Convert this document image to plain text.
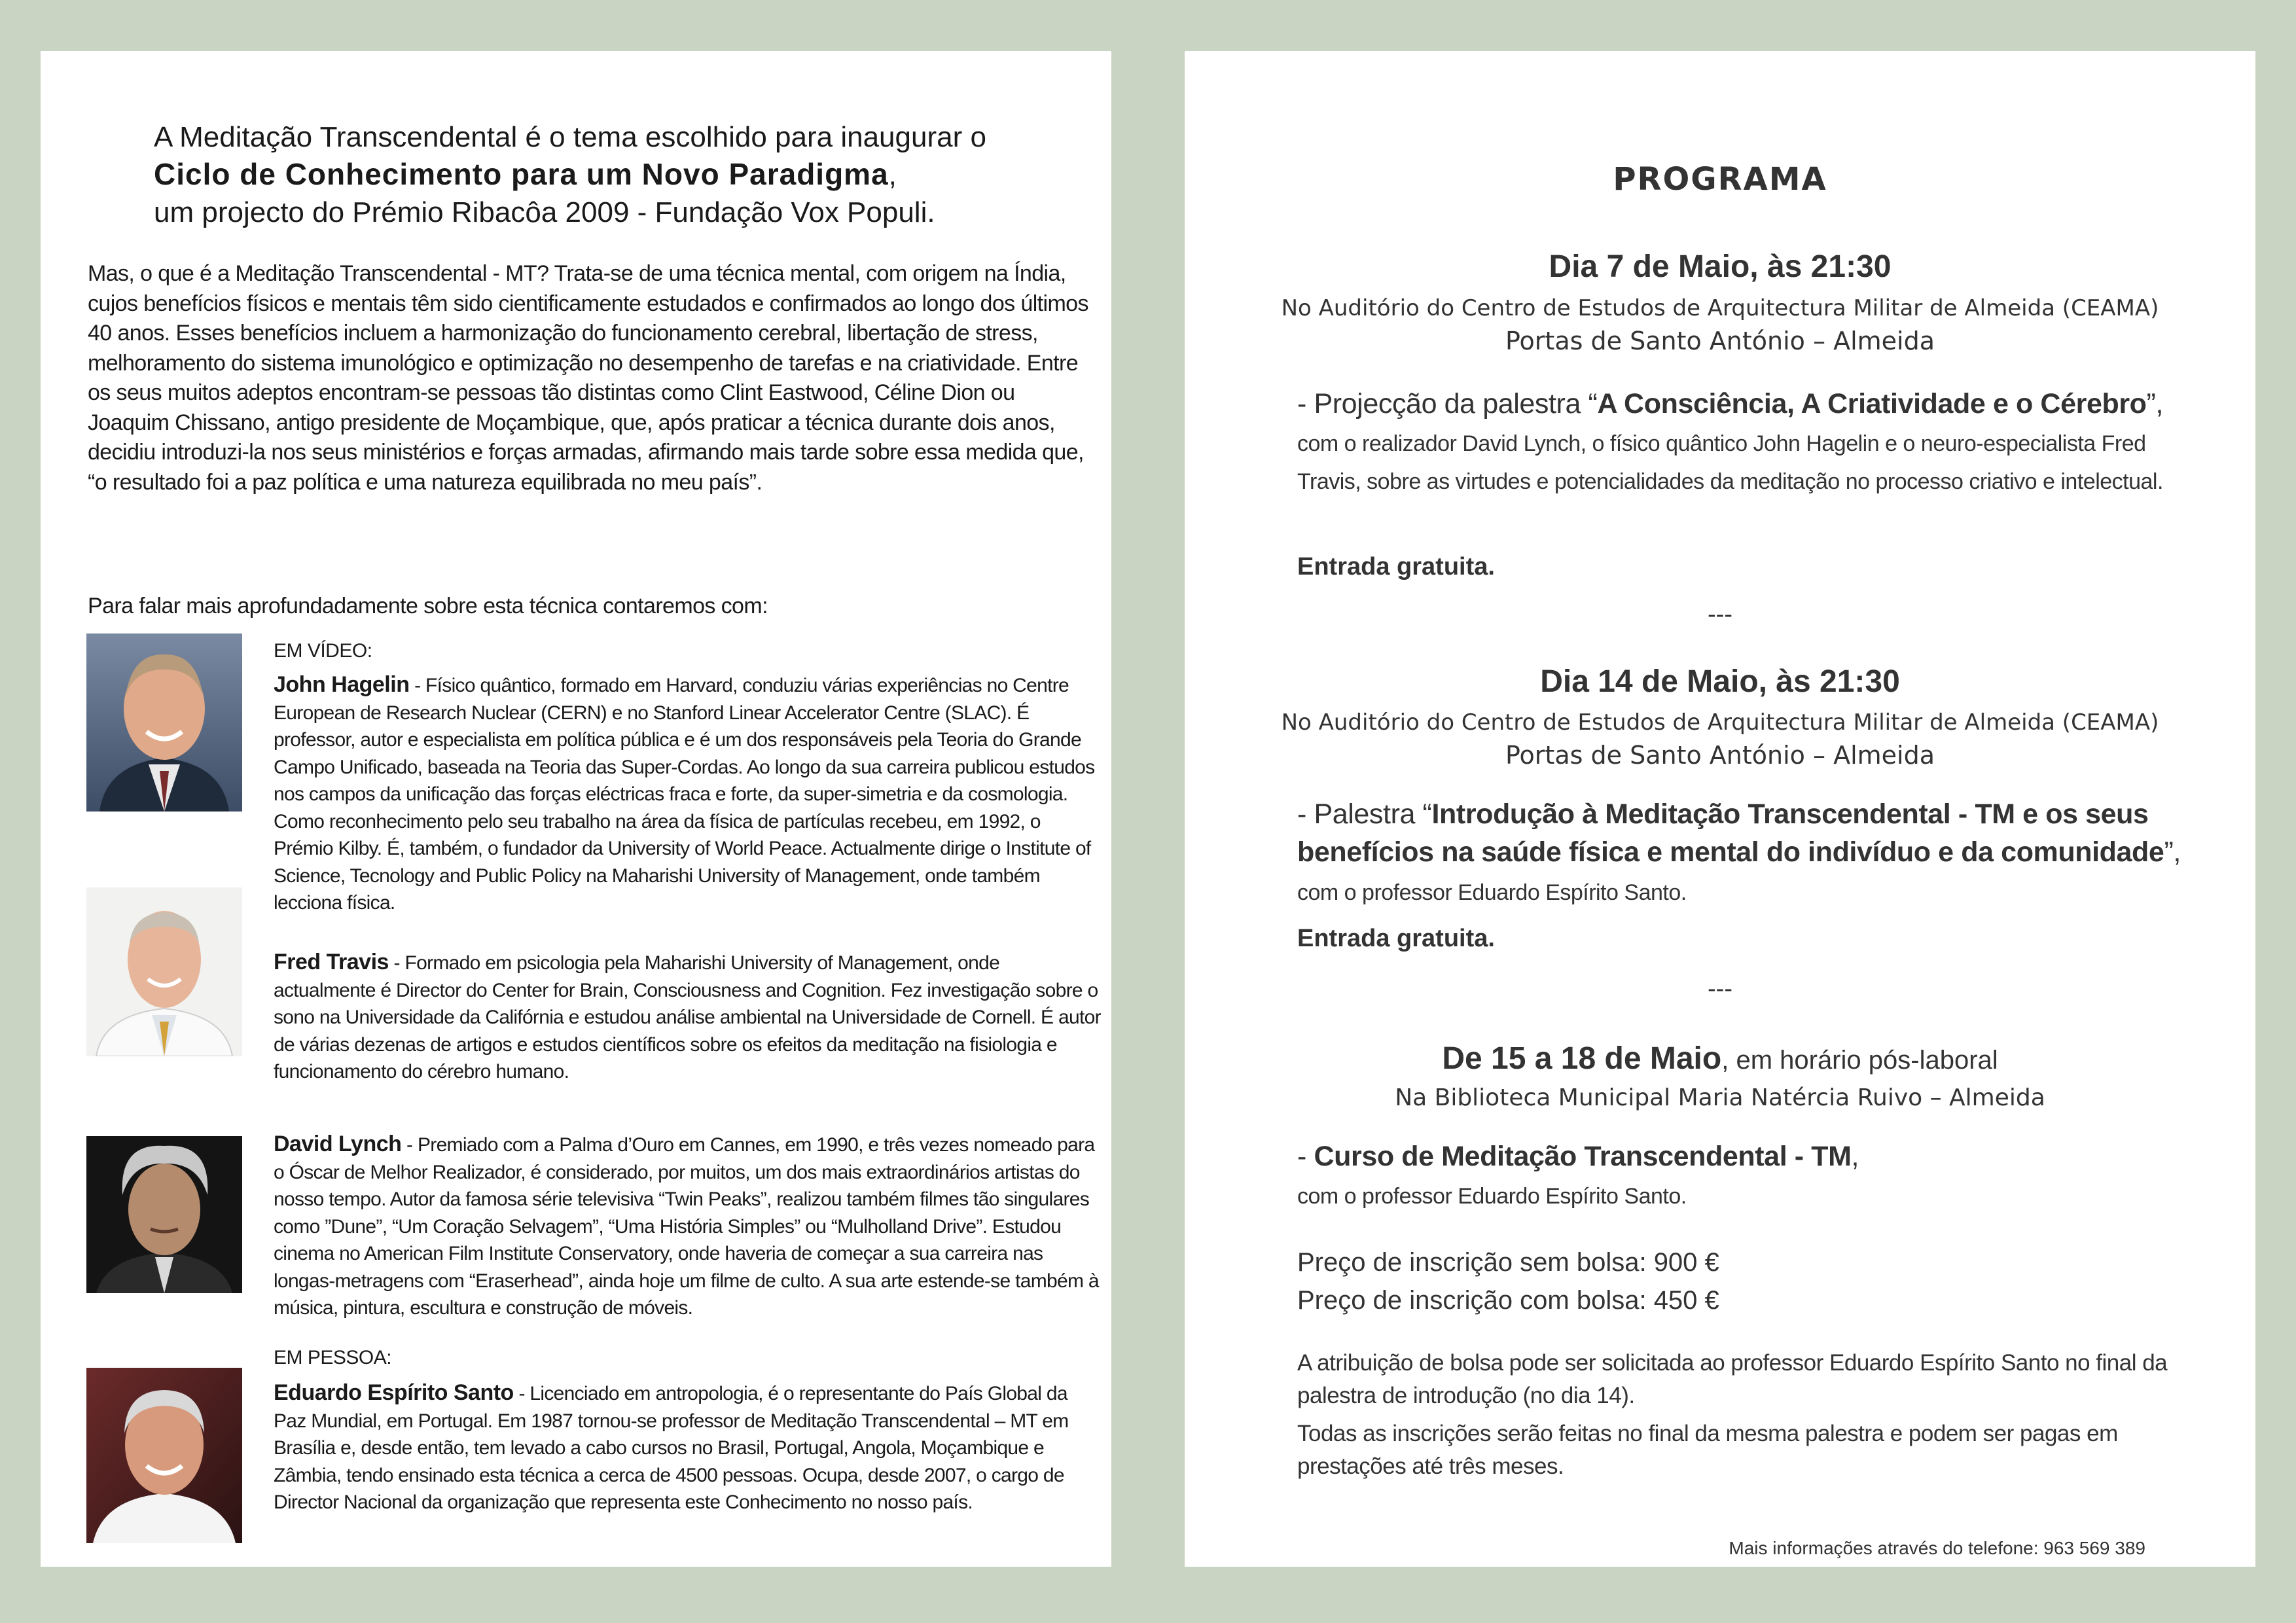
A Meditação Transcendental é o tema escolhido para inaugurar o
Ciclo de Conhecimento para um Novo Paradigma,
um projecto do Prémio Ribacôa 2009 - Fundação Vox Populi.
Mas, o que é a Meditação Transcendental - MT? Trata-se de uma técnica mental, com origem na Índia, cujos benefícios físicos e mentais têm sido cientificamente estudados e confirmados ao longo dos últimos 40 anos. Esses benefícios incluem a harmonização do funcionamento cerebral, libertação de stress, melhoramento do sistema imunológico e optimização no desempenho de tarefas e na criatividade. Entre os seus muitos adeptos encontram-se pessoas tão distintas como Clint Eastwood, Céline Dion ou Joaquim Chissano, antigo presidente de Moçambique, que, após praticar a técnica durante dois anos, decidiu introduzi-la nos seus ministérios e forças armadas, afirmando mais tarde sobre essa medida que, “o resultado foi a paz política e uma natureza equilibrada no meu país”.
Para falar mais aprofundadamente sobre esta técnica contaremos com:
EM VÍDEO:
John Hagelin - Físico quântico, formado em Harvard, conduziu várias experiências no Centre European de Research Nuclear (CERN) e no Stanford Linear Accelerator Centre (SLAC). É professor, autor e especialista em política pública e é um dos responsáveis pela Teoria do Grande Campo Unificado, baseada na Teoria das Super-Cordas. Ao longo da sua carreira publicou estudos nos campos da unificação das forças eléctricas fraca e forte, da super-simetria e da cosmologia. Como reconhecimento pelo seu trabalho na área da física de partículas recebeu, em 1992, o Prémio Kilby. É, também, o fundador da University of World Peace. Actualmente dirige o Institute of Science, Tecnology and Public Policy na Maharishi University of Management, onde também lecciona física.
Fred Travis - Formado em psicologia pela Maharishi University of Management, onde actualmente é Director do Center for Brain, Consciousness and Cognition. Fez investigação sobre o sono na Universidade da Califórnia e estudou análise ambiental na Universidade de Cornell. É autor de várias dezenas de artigos e estudos científicos sobre os efeitos da meditação na fisiologia e funcionamento do cérebro humano.
David Lynch - Premiado com a Palma d’Ouro em Cannes, em 1990, e três vezes nomeado para o Óscar de Melhor Realizador, é considerado, por muitos, um dos mais extraordinários artistas do nosso tempo. Autor da famosa série televisiva “Twin Peaks”, realizou também filmes tão singulares como ”Dune”, “Um Coração Selvagem”, “Uma História Simples” ou “Mulholland Drive”. Estudou cinema no American Film Institute Conservatory, onde haveria de começar a sua carreira nas longas-metragens com “Eraserhead”, ainda hoje um filme de culto. A sua arte estende-se também à música, pintura, escultura e construção de móveis.
EM PESSOA:
Eduardo Espírito Santo - Licenciado em antropologia, é o representante do País Global da Paz Mundial, em Portugal. Em 1987 tornou-se professor de Meditação Transcendental – MT em Brasília e, desde então, tem levado a cabo cursos no Brasil, Portugal, Angola, Moçambique e Zâmbia, tendo ensinado esta técnica a cerca de 4500 pessoas. Ocupa, desde 2007, o cargo de Director Nacional da organização que representa este Conhecimento no nosso país.
PROGRAMA
Dia 7 de Maio, às 21:30
No Auditório do Centro de Estudos de Arquitectura Militar de Almeida (CEAMA)
Portas de Santo António – Almeida
- Projecção da palestra “A Consciência, A Criatividade e o Cérebro”,
com o realizador David Lynch, o físico quântico John Hagelin e o neuro-especialista Fred Travis, sobre as virtudes e potencialidades da meditação no processo criativo e intelectual.
Entrada gratuita.
---
Dia 14 de Maio, às 21:30
No Auditório do Centro de Estudos de Arquitectura Militar de Almeida (CEAMA)
Portas de Santo António – Almeida
- Palestra “Introdução à Meditação Transcendental - TM e os seus benefícios na saúde física e mental do indivíduo e da comunidade”,
com o professor Eduardo Espírito Santo.
Entrada gratuita.
---
De 15 a 18 de Maio, em horário pós-laboral
Na Biblioteca Municipal Maria Natércia Ruivo – Almeida
- Curso de Meditação Transcendental - TM,
com o professor Eduardo Espírito Santo.
Preço de inscrição sem bolsa: 900 €
Preço de inscrição com bolsa: 450 €
A atribuição de bolsa pode ser solicitada ao professor Eduardo Espírito Santo no final da palestra de introdução (no dia 14).
Todas as inscrições serão feitas no final da mesma palestra e podem ser pagas em prestações até três meses.
Mais informações através do telefone: 963 569 389
